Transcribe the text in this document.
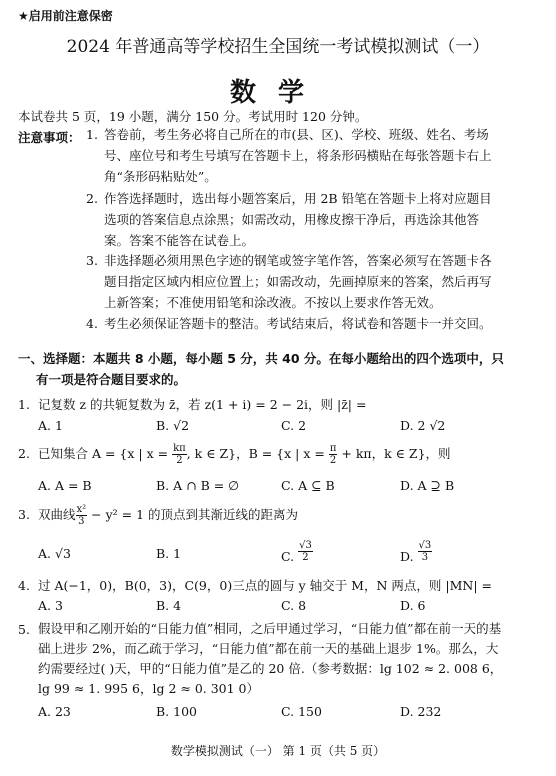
★启用前注意保密
2024 年普通高等学校招生全国统一考试模拟测试（一）
数学
本试卷共 5 页，19 小题，满分 150 分。考试用时 120 分钟。
注意事项： 1. 答卷前，考生务必将自己所在的市(县、区)、学校、班级、姓名、考场
号、座位号和考生号填写在答题卡上，将条形码横贴在每张答题卡右上
角“条形码粘贴处”。
2. 作答选择题时，选出每小题答案后，用 2B 铅笔在答题卡上将对应题目
选项的答案信息点涂黑；如需改动，用橡皮擦干净后，再选涂其他答
案。答案不能答在试卷上。
3. 非选择题必须用黑色字迹的钢笔或签字笔作答，答案必须写在答题卡各
题目指定区域内相应位置上；如需改动，先画掉原来的答案，然后再写
上新答案；不准使用铅笔和涂改液。不按以上要求作答无效。
4. 考生必须保证答题卡的整洁。考试结束后，将试卷和答题卡一并交回。
一、选择题：本题共 8 小题，每小题 5 分，共 40 分。在每小题给出的四个选项中，只
有一项是符合题目要求的。
1. 记复数 z 的共轭复数为 z̄，若 z(1 + i) = 2 − 2i，则 |z̄| =
A. 1	B. √2	C. 2	D. 2 √2
2. 已知集合 A = {x | $x = \frac{k\pi}{2}$ , k ∈ Z}，B = {x | $x = \frac{\pi}{2} + k\pi$，k ∈ Z}，则
A. A = B	B. A ∩ B = ∅	C. A ⊆ B	D. A ⊇ B
3. 双曲线 $\frac{\text{x²}}{3} - y^2 = 1$ 的顶点到其渐近线的距离为
A. √3	B. 1	C. $\frac{√3}{2}$	D. $\frac{√3}{3}$
4. 过 A(−1，0)，B(0，3)，C(9，0)三点的圆与 y 轴交于 M，N 两点，则 |MN| =
A. 3	B. 4	C. 8	D. 6
5. 假设甲和乙刚开始的“日能力值”相同，之后甲通过学习，“日能力值”都在前一天的基
础上进步 2%，而乙疏于学习，“日能力值”都在前一天的基础上退步 1%。那么，大
约需要经过( )天，甲的“日能力值”是乙的 20 倍.（参考数据：lg 102 ≈ 2. 008 6，
lg 99 ≈ 1. 995 6，lg 2 ≈ 0. 301 0）
A. 23	B. 100	C. 150	D. 232
数学模拟测试（一） 第 1 页（共 5 页）
